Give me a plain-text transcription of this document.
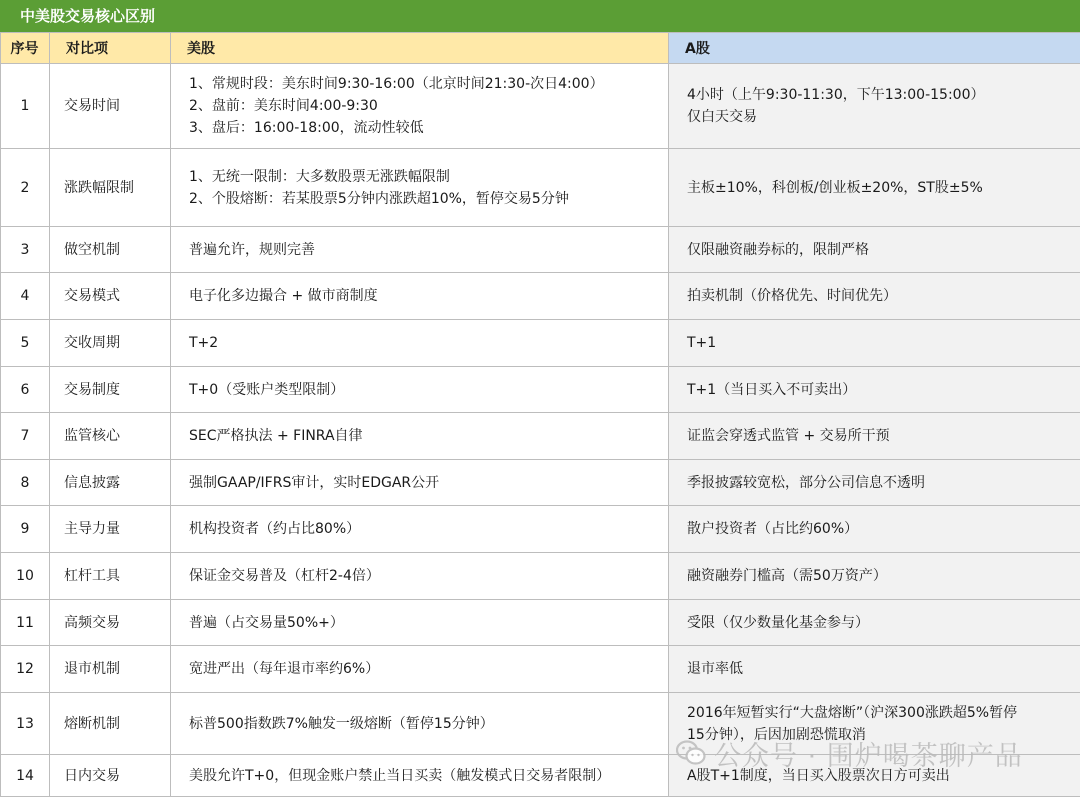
中美股交易核心区别
序号	对比项	美股	A股
1	交易时间	1、常规时段：美东时间9:30-16:00（北京时间21:30-次日4:00）
2、盘前：美东时间4:00-9:30
3、盘后：16:00-18:00，流动性较低	4小时（上午9:30-11:30，下午13:00-15:00）
仅白天交易

2	涨跌幅限制	1、无统一限制：大多数股票无涨跌幅限制
2、个股熔断：若某股票5分钟内涨跌超10%，暂停交易5分钟	主板±10%，科创板/创业板±20%，ST股±5%

3	做空机制	普遍允许，规则完善	仅限融资融券标的，限制严格

4	交易模式	电子化多边撮合 + 做市商制度	拍卖机制（价格优先、时间优先）

5	交收周期	T+2	T+1

6	交易制度	T+0（受账户类型限制）	T+1（当日买入不可卖出）

7	监管核心	SEC严格执法 + FINRA自律	证监会穿透式监管 + 交易所干预

8	信息披露	强制GAAP/IFRS审计，实时EDGAR公开	季报披露较宽松，部分公司信息不透明

9	主导力量	机构投资者（约占比80%）	散户投资者（占比约60%）

10	杠杆工具	保证金交易普及（杠杆2-4倍）	融资融券门槛高（需50万资产）

11	高频交易	普遍（占交易量50%+）	受限（仅少数量化基金参与）

12	退市机制	宽进严出（每年退市率约6%）	退市率低

13	熔断机制	标普500指数跌7%触发一级熔断（暂停15分钟）	2016年短暂实行“大盘熔断”（沪深300涨跌超5%暂停
15分钟），后因加剧恐慌取消

14	日内交易	美股允许T+0，但现金账户禁止当日买卖（触发模式日交易者限制）	A股T+1制度，当日买入股票次日方可卖出
公众号 · 围炉喝茶聊产品
